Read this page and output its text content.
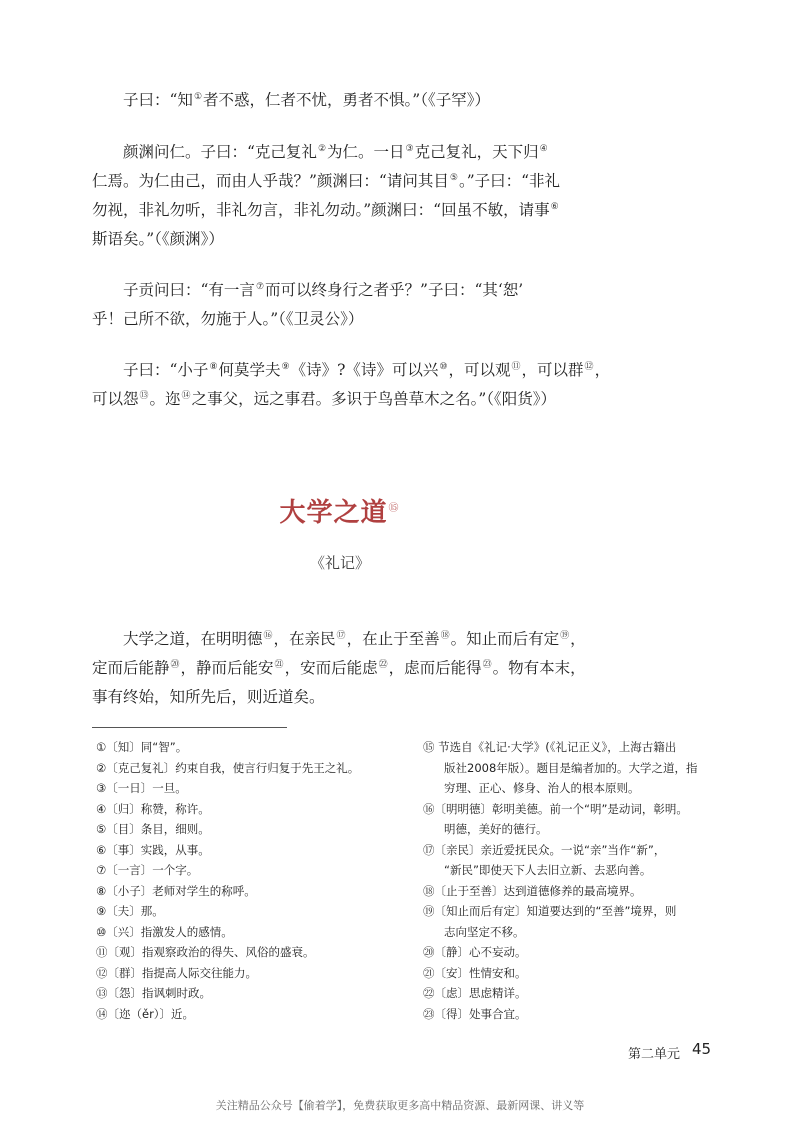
子曰：“知①者不惑，仁者不忧，勇者不惧。”（《子罕》）
颜渊问仁。子曰：“克己复礼②为仁。一日③克己复礼，天下归④
仁焉。为仁由己，而由人乎哉？”颜渊曰：“请问其目⑤。”子曰：“非礼
勿视，非礼勿听，非礼勿言，非礼勿动。”颜渊曰：“回虽不敏，请事⑥
斯语矣。”（《颜渊》）
子贡问曰：“有一言⑦而可以终身行之者乎？”子曰：“其‘恕’
乎！己所不欲，勿施于人。”（《卫灵公》）
子曰：“小子⑧何莫学夫⑨《诗》?《诗》可以兴⑩，可以观⑪，可以群⑫，
可以怨⑬。迩⑭之事父，远之事君。多识于鸟兽草木之名。”（《阳货》）
大学之道⑮
《礼记》
大学之道，在明明德⑯，在亲民⑰，在止于至善⑱。知止而后有定⑲，
定而后能静⑳，静而后能安$^㉑$，安而后能虑$^㉒$，虑而后能得$^㉓$。物有本末，
事有终始，知所先后，则近道矣。
①〔知〕同“智”。
②〔克己复礼〕约束自我，使言行归复于先王之礼。
③〔一日〕一旦。
④〔归〕称赞，称许。
⑤〔目〕条目，细则。
⑥〔事〕实践，从事。
⑦〔一言〕一个字。
⑧〔小子〕老师对学生的称呼。
⑨〔夫〕那。
⑩〔兴〕指激发人的感情。
⑪〔观〕指观察政治的得失、风俗的盛衰。
⑫〔群〕指提高人际交往能力。
⑬〔怨〕指讽刺时政。
⑭〔迩（ěr）〕近。
⑮ 节选自《礼记·大学》(《礼记正义》，上海古籍出
版社2008年版）。题目是编者加的。大学之道，指
穷理、正心、修身、治人的根本原则。
⑯〔明明德〕彰明美德。前一个“明”是动词，彰明。
明德，美好的德行。
⑰〔亲民〕亲近爱抚民众。一说“亲”当作“新”，
“新民”即使天下人去旧立新、去恶向善。
⑱〔止于至善〕达到道德修养的最高境界。
⑲〔知止而后有定〕知道要达到的“至善”境界，则
志向坚定不移。
⑳〔静〕心不妄动。
㉑〔安〕性情安和。
㉒〔虑〕思虑精详。
㉓〔得〕处事合宜。
第二单元 45
关注精品公众号【偷着学】，免费获取更多高中精品资源、最新网课、讲义等
